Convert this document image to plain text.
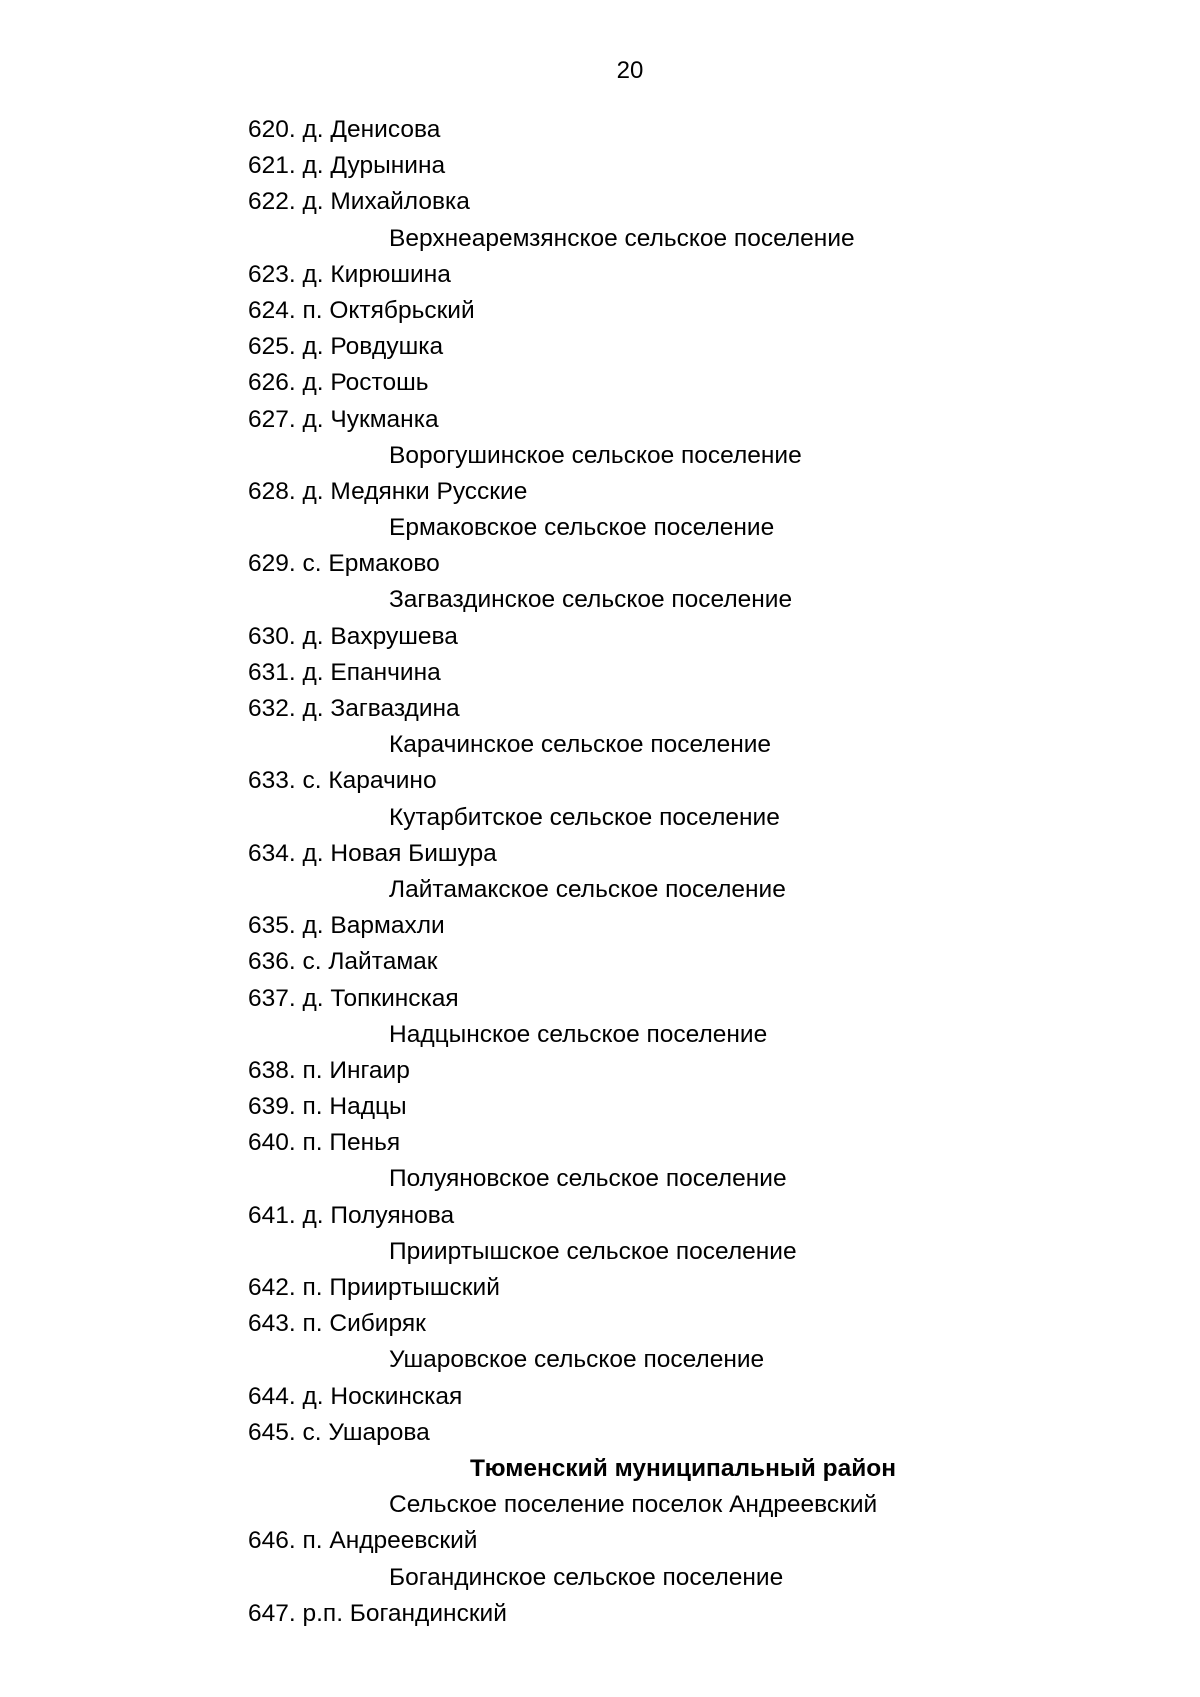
20
620. д. Денисова
621. д. Дурынина
622. д. Михайловка
Верхнеаремзянское сельское поселение
623. д. Кирюшина
624. п. Октябрьский
625. д. Ровдушка
626. д. Ростошь
627. д. Чукманка
Ворогушинское сельское поселение
628. д. Медянки Русские
Ермаковское сельское поселение
629. с. Ермаково
Загваздинское сельское поселение
630. д. Вахрушева
631. д. Епанчина
632. д. Загваздина
Карачинское сельское поселение
633. с. Карачино
Кутарбитское сельское поселение
634. д. Новая Бишура
Лайтамакское сельское поселение
635. д. Вармахли
636. с. Лайтамак
637. д. Топкинская
Надцынское сельское поселение
638. п. Ингаир
639. п. Надцы
640. п. Пенья
Полуяновское сельское поселение
641. д. Полуянова
Прииртышское сельское поселение
642. п. Прииртышский
643. п. Сибиряк
Ушаровское сельское поселение
644. д. Носкинская
645. с. Ушарова
Тюменский муниципальный район
Сельское поселение поселок Андреевский
646. п. Андреевский
Богандинское сельское поселение
647. р.п. Богандинский
